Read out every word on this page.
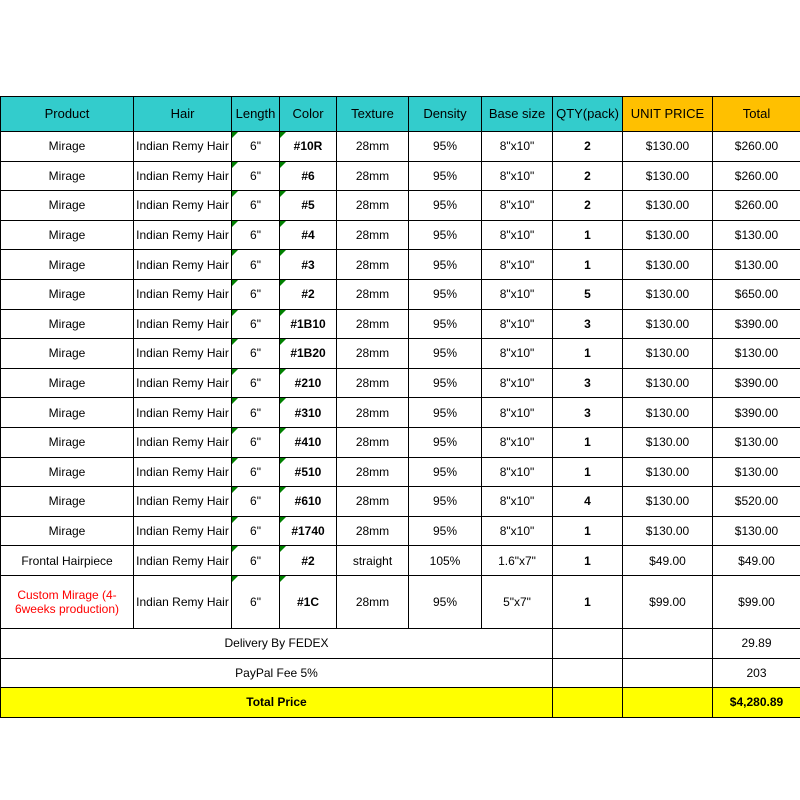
Product	Hair	Length	Color	Texture	Density	Base size	QTY(pack)	UNIT PRICE	Total
Mirage	Indian Remy Hair	6"	#10R	28mm	95%	8"x10"	2	$130.00	$260.00
Mirage	Indian Remy Hair	6"	#6	28mm	95%	8"x10"	2	$130.00	$260.00
Mirage	Indian Remy Hair	6"	#5	28mm	95%	8"x10"	2	$130.00	$260.00
Mirage	Indian Remy Hair	6"	#4	28mm	95%	8"x10"	1	$130.00	$130.00
Mirage	Indian Remy Hair	6"	#3	28mm	95%	8"x10"	1	$130.00	$130.00
Mirage	Indian Remy Hair	6"	#2	28mm	95%	8"x10"	5	$130.00	$650.00
Mirage	Indian Remy Hair	6"	#1B10	28mm	95%	8"x10"	3	$130.00	$390.00
Mirage	Indian Remy Hair	6"	#1B20	28mm	95%	8"x10"	1	$130.00	$130.00
Mirage	Indian Remy Hair	6"	#210	28mm	95%	8"x10"	3	$130.00	$390.00
Mirage	Indian Remy Hair	6"	#310	28mm	95%	8"x10"	3	$130.00	$390.00
Mirage	Indian Remy Hair	6"	#410	28mm	95%	8"x10"	1	$130.00	$130.00
Mirage	Indian Remy Hair	6"	#510	28mm	95%	8"x10"	1	$130.00	$130.00
Mirage	Indian Remy Hair	6"	#610	28mm	95%	8"x10"	4	$130.00	$520.00
Mirage	Indian Remy Hair	6"	#1740	28mm	95%	8"x10"	1	$130.00	$130.00
Frontal Hairpiece	Indian Remy Hair	6"	#2	straight	105%	1.6"x7"	1	$49.00	$49.00
Custom Mirage (4-6weeks production)	Indian Remy Hair	6"	#1C	28mm	95%	5"x7"	1	$99.00	$99.00
Delivery By FEDEX									29.89
PayPal Fee 5%									203
Total Price									$4,280.89
